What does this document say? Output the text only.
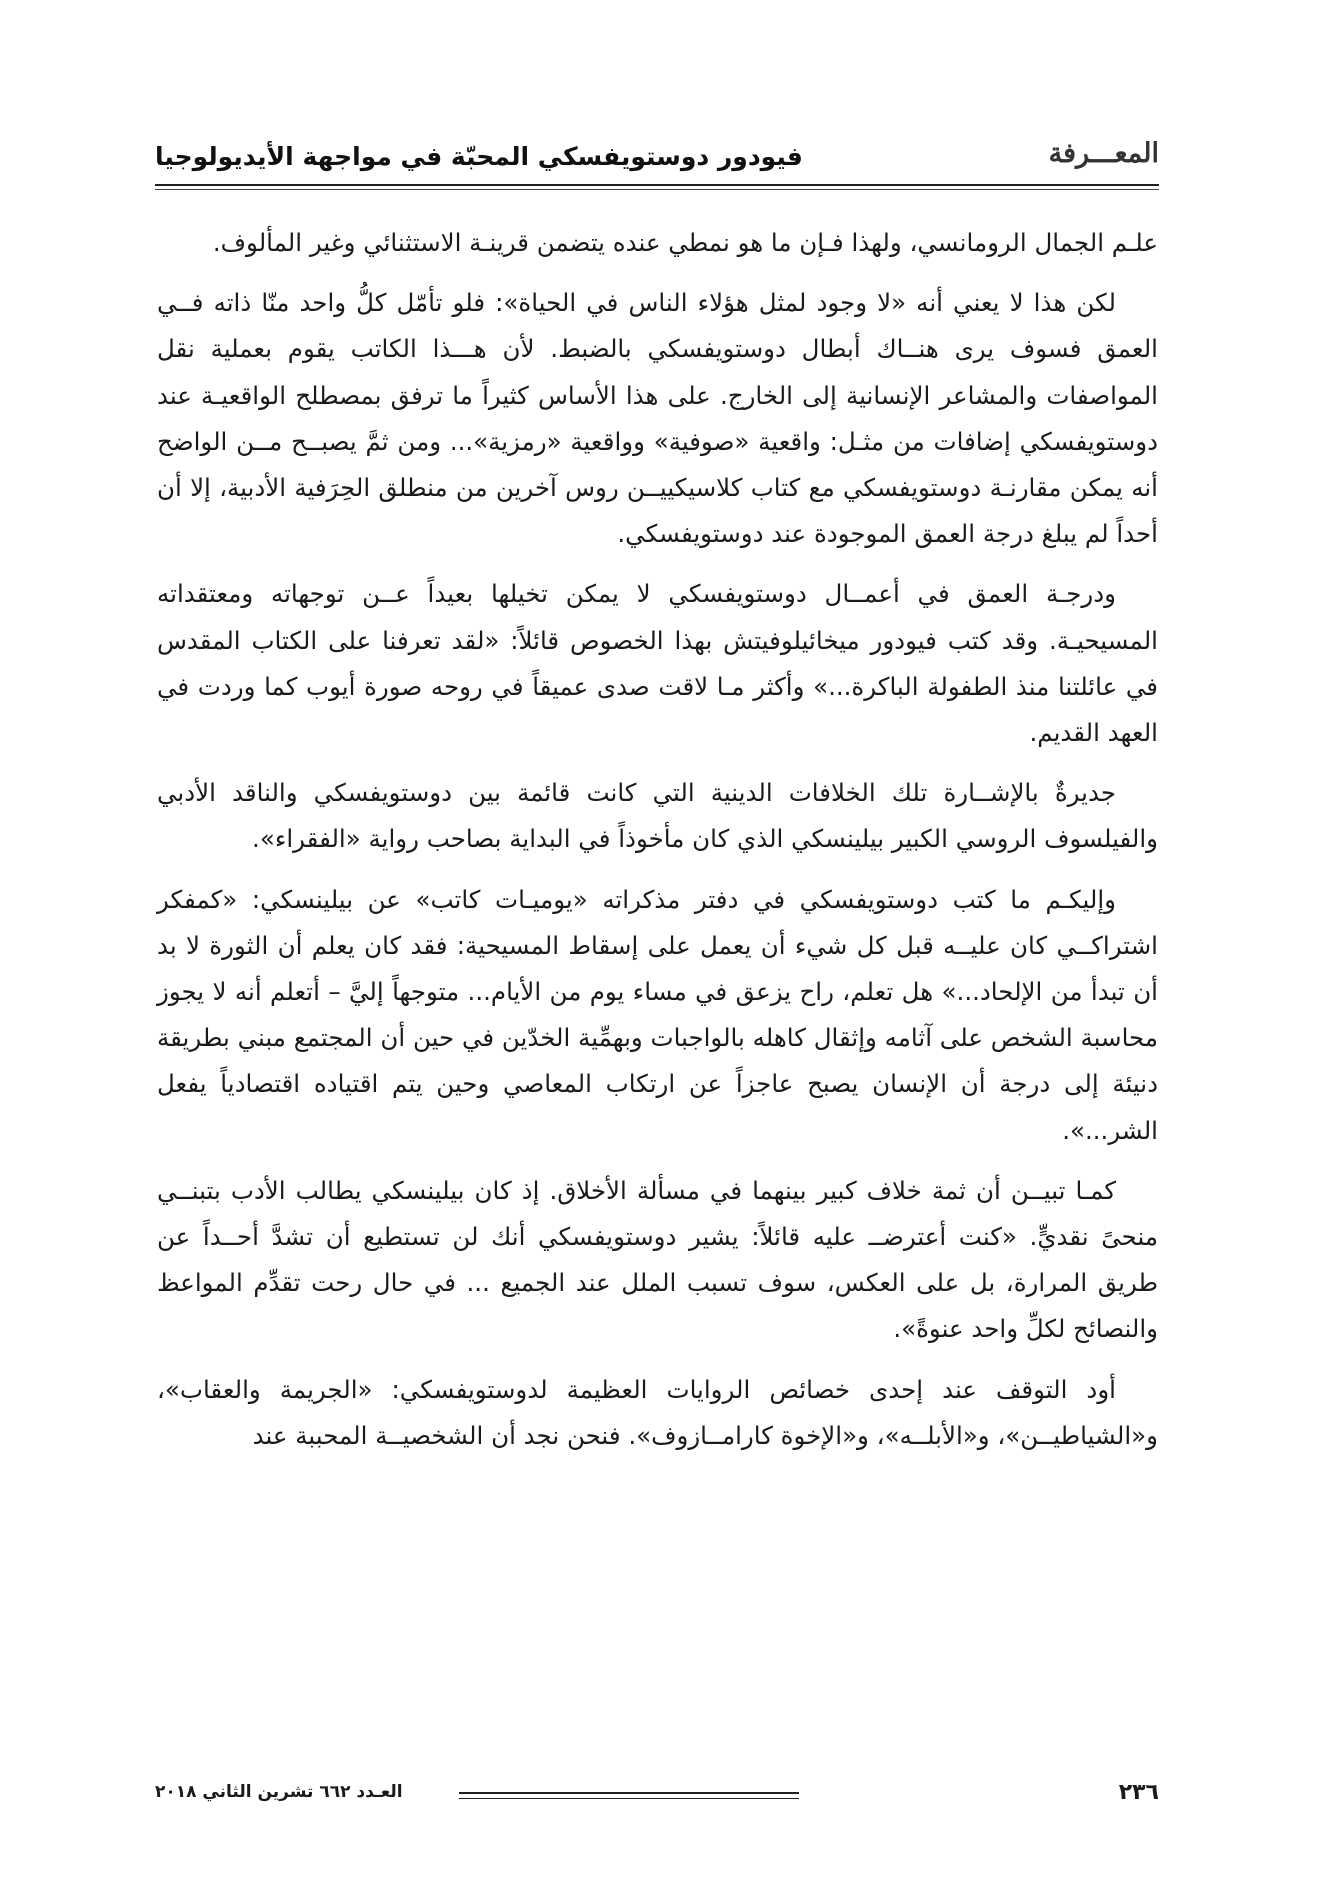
المعـــرفة
فيودور دوستويفسكي المحبّة في مواجهة الأيديولوجيا

علـم الجمال الرومانسي، ولهذا فـإن ما هو نمطي عنده يتضمن قرينـة الاستثنائي وغير المألوف.

لكن هذا لا يعني أنه «لا وجود لمثل هؤلاء الناس في الحياة»: فلو تأمّل كلُّ واحد منّا ذاته فــي العمق فسوف يرى هنــاك أبطال دوستويفسكي بالضبط. لأن هـــذا الكاتب يقوم بعملية نقل المواصفات والمشاعر الإنسانية إلى الخارج. على هذا الأساس كثيراً ما ترفق بمصطلح الواقعيـة عند دوستويفسكي إضافات من مثـل: واقعية «صوفية» وواقعية «رمزية»... ومن ثمَّ يصبــح مــن الواضح أنه يمكن مقارنـة دوستويفسكي مع كتاب كلاسيكييــن روس آخرين من منطلق الحِرَفية الأدبية، إلا أن أحداً لم يبلغ درجة العمق الموجودة عند دوستويفسكي.

ودرجـة العمق في أعمــال دوستويفسكي لا يمكن تخيلها بعيداً عــن توجهاته ومعتقداته المسيحيـة. وقد كتب فيودور ميخائيلوفيتش بهذا الخصوص قائلاً: «لقد تعرفنا على الكتاب المقدس في عائلتنا منذ الطفولة الباكرة...» وأكثر مـا لاقت صدى عميقاً في روحه صورة أيوب كما وردت في العهد القديم.

جديرةٌ بالإشــارة تلك الخلافات الدينية التي كانت قائمة بين دوستويفسكي والناقد الأدبي والفيلسوف الروسي الكبير بيلينسكي الذي كان مأخوذاً في البداية بصاحب رواية «الفقراء».

وإليكـم ما كتب دوستويفسكي في دفتر مذكراته «يوميـات كاتب» عن بيلينسكي: «كمفكر اشتراكــي كان عليــه قبل كل شيء أن يعمل على إسقاط المسيحية: فقد كان يعلم أن الثورة لا بد أن تبدأ من الإلحاد...» هل تعلم، راح يزعق في مساء يوم من الأيام... متوجهاً إليَّ – أتعلم أنه لا يجوز محاسبة الشخص على آثامه وإثقال كاهله بالواجبات وبهمِّية الخدّين في حين أن المجتمع مبني بطريقة دنيئة إلى درجة أن الإنسان يصبح عاجزاً عن ارتكاب المعاصي وحين يتم اقتياده اقتصادياً يفعل الشر...».

كمـا تبيــن أن ثمة خلاف كبير بينهما في مسألة الأخلاق. إذ كان بيلينسكي يطالب الأدب بتبنــي منحىً نقديٍّ. «كنت أعترضــ عليه قائلاً: يشير دوستويفسكي أنك لن تستطيع أن تشدَّ أحــداً عن طريق المرارة، بل على العكس، سوف تسبب الملل عند الجميع ... في حال رحت تقدِّم المواعظ والنصائح لكلِّ واحد عنوةً».

أود التوقف عند إحدى خصائص الروايات العظيمة لدوستويفسكي: «الجريمة والعقاب»، و«الشياطيــن»، و«الأبلــه»، و«الإخوة كارامــازوف». فنحن نجد أن الشخصيــة المحببة عند

٢٣٦
العـدد ٦٦٢ تشرين الثاني ٢٠١٨
